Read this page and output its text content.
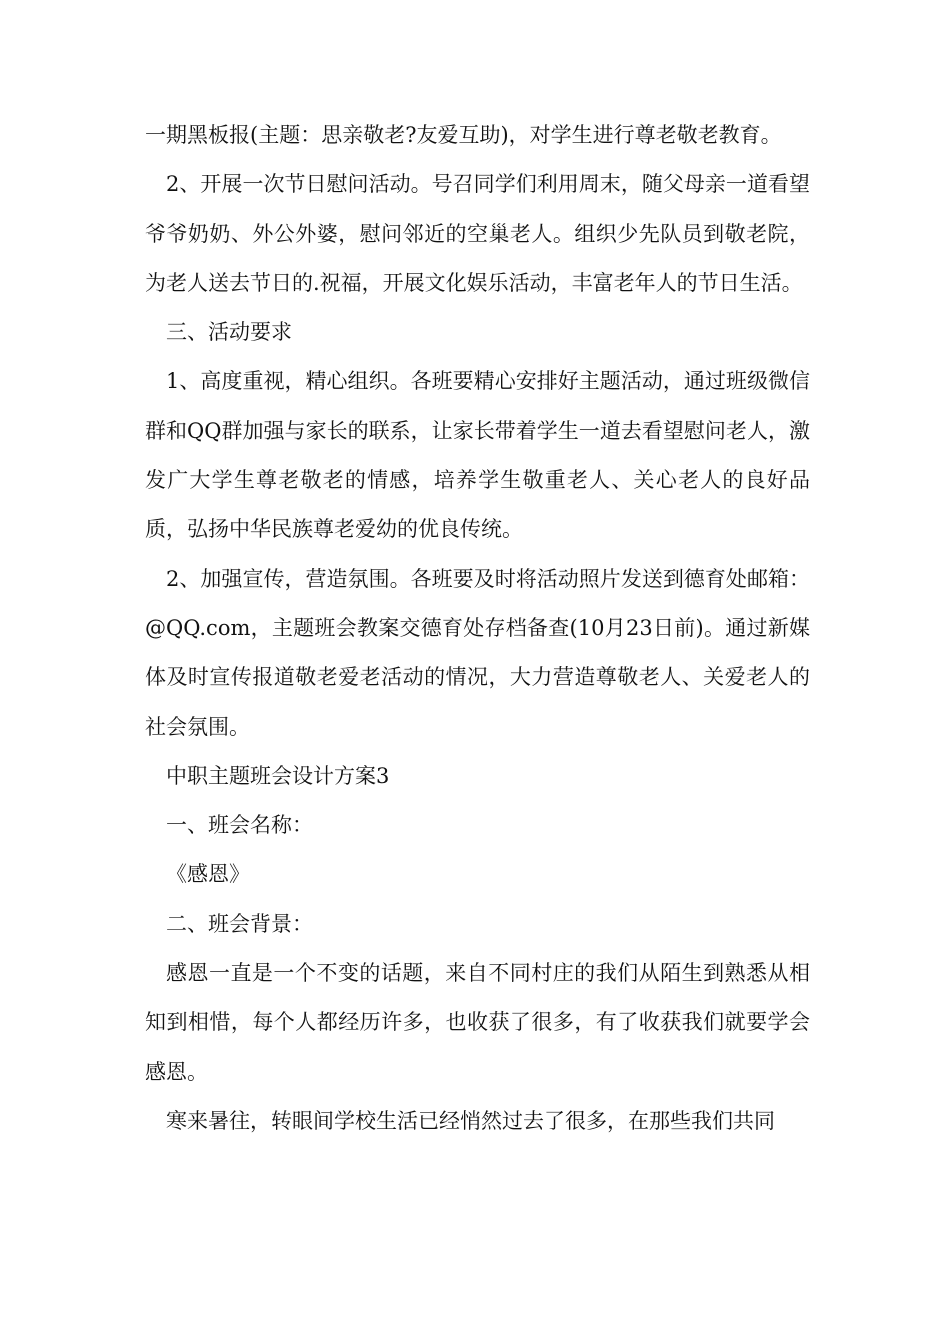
一期黑板报(主题：思亲敬老?友爱互助)，对学生进行尊老敬老教育。

2、开展一次节日慰问活动。号召同学们利用周末，随父母亲一道看望爷爷奶奶、外公外婆，慰问邻近的空巢老人。组织少先队员到敬老院，为老人送去节日的.祝福，开展文化娱乐活动，丰富老年人的节日生活。

三、活动要求

1、高度重视，精心组织。各班要精心安排好主题活动，通过班级微信群和QQ群加强与家长的联系，让家长带着学生一道去看望慰问老人，激发广大学生尊老敬老的情感，培养学生敬重老人、关心老人的良好品质，弘扬中华民族尊老爱幼的优良传统。

2、加强宣传，营造氛围。各班要及时将活动照片发送到德育处邮箱：@QQ.com，主题班会教案交德育处存档备查(10月23日前)。通过新媒体及时宣传报道敬老爱老活动的情况，大力营造尊敬老人、关爱老人的社会氛围。

中职主题班会设计方案3

一、班会名称：

《感恩》

二、班会背景：

感恩一直是一个不变的话题，来自不同村庄的我们从陌生到熟悉从相知到相惜，每个人都经历许多，也收获了很多，有了收获我们就要学会感恩。

寒来暑往，转眼间学校生活已经悄然过去了很多，在那些我们共同
